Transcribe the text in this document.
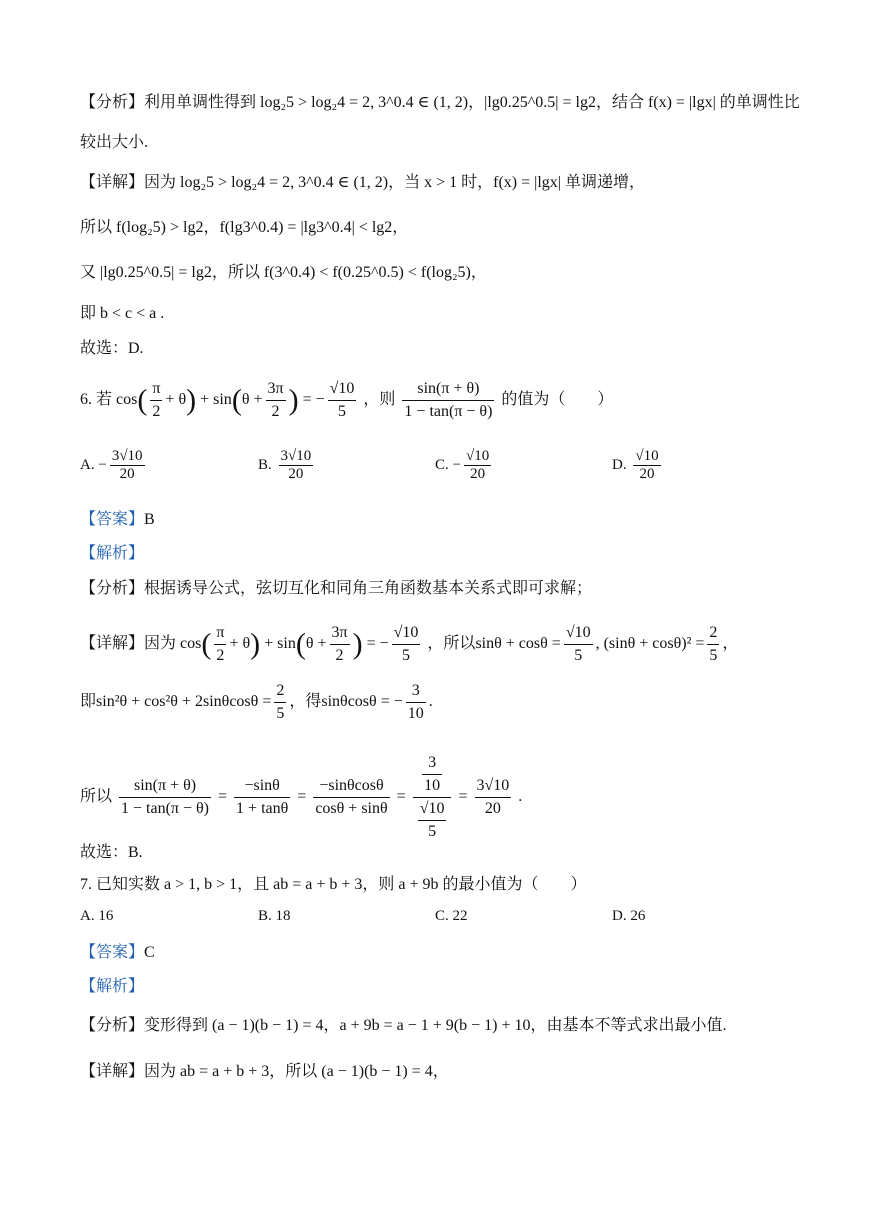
【分析】利用单调性得到 log₂5 > log₂4 = 2, 3^0.4 ∈ (1, 2)，|lg0.25^0.5| = lg2，结合 f(x) = |lgx| 的单调性比
较出大小.
【详解】因为 log₂5 > log₂4 = 2, 3^0.4 ∈ (1, 2)，当 x > 1 时，f(x) = |lgx| 单调递增，
所以 f(log₂5) > lg2，f(lg3^0.4) = |lg3^0.4| < lg2，
又 |lg0.25^0.5| = lg2，所以 f(3^0.4) < f(0.25^0.5) < f(log₂5)，
即 b < c < a .
故选：D.
6. 若 $\cos( \frac{\pi}{2} + \theta) + \sin(\theta + \frac{3\pi}{2}$ ) = − $\frac{√10}{5}$ ，则 $\frac{\sin(\pi + \theta)}{1 - \tan(\pi - \theta)}$ 的值为（　　）
A. − $\frac{3√10}{20}$	B. $\frac{3√10}{20}$	C. − $\frac{√10}{20}$	D. $\frac{√10}{20}$
【答案】B
【解析】
【分析】根据诱导公式，弦切互化和同角三角函数基本关系式即可求解；
【详解】因为 $\cos( \frac{\pi}{2} + \theta) + \sin(\theta + \frac{3\pi}{2}$ ) = − $\frac{√10}{5}$ ，所以$\sin\theta + \cos\theta = \frac{√10}{5}$ , $(\sin\theta + \cos\theta)^2 = \frac{2}{5}$ ，
即$\sin^2\theta + \cos^2\theta + 2\sin\theta\cos\theta = \frac{2}{5}$ ，得sinθcosθ = − $\frac{3}{10}$ .
所以 $\frac{\sin(\pi + \theta)}{1 - \tan(\pi - \theta)} = \frac{-\sin\theta}{1 + \tan\theta} = \frac{-\sin\theta\cos\theta}{\cos\theta + \sin\theta} = \frac{\frac{3}{10}}{\frac{√10}{5}} = \frac{3√10}{20}$ .
故选：B.
7. 已知实数 a > 1, b > 1，且 ab = a + b + 3，则 a + 9b 的最小值为（　　）
A. 16	B. 18	C. 22	D. 26
【答案】C
【解析】
【分析】变形得到 (a − 1)(b − 1) = 4，a + 9b = a − 1 + 9(b − 1) + 10，由基本不等式求出最小值.
【详解】因为 ab = a + b + 3，所以 (a − 1)(b − 1) = 4，
